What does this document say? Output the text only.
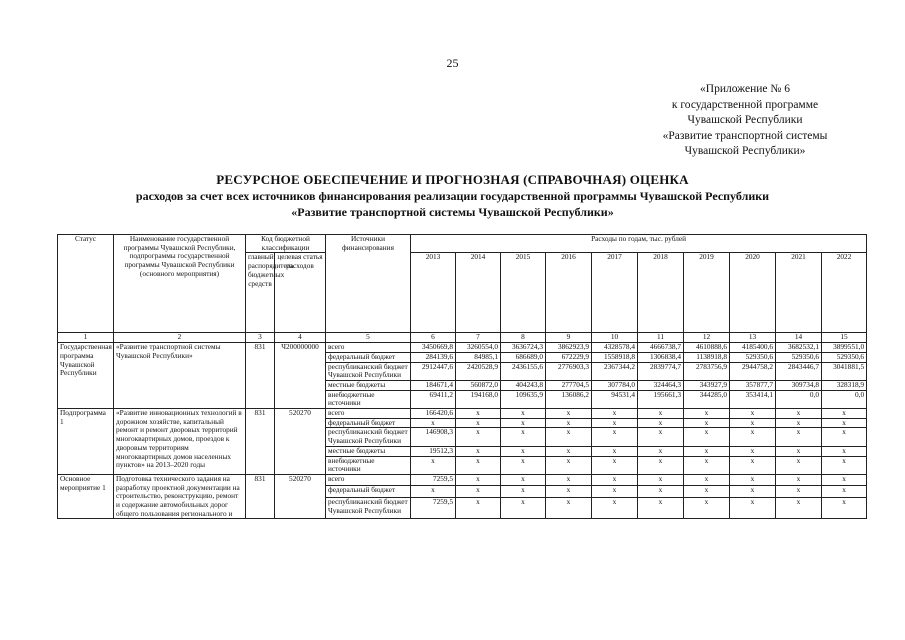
25
«Приложение № 6
к государственной программе
Чувашской Республики
«Развитие транспортной системы
Чувашской Республики»
РЕСУРСНОЕ ОБЕСПЕЧЕНИЕ И ПРОГНОЗНАЯ (СПРАВОЧНАЯ) ОЦЕНКА
расходов за счет всех источников финансирования реализации государственной программы Чувашской Республики
«Развитие транспортной системы Чувашской Республики»
Статус	Наименование государственной программы Чувашской Республики, подпрограммы государственной программы Чувашской Республики (основного мероприятия)	Код бюджетной классификации		Источники финансирования	Расходы по годам, тыс. рублей									
		главный распорядитель бюджетных средств	целевая статья расходов		2013	2014	2015	2016	2017	2018	2019	2020	2021	2022
1	2	3	4	5	6	7	8	9	10	11	12	13	14	15
Государственная программа Чувашской Республики	«Развитие транспортной системы Чувашской Республики»	831	Ч200000000	всего	3450669,8	3260554,0	3636724,3	3862923,9	4328578,4	4666738,7	4610888,6	4185400,6	3682532,1	3899551,0
				федеральный бюджет	284139,6	84985,1	686689,0	672229,9	1558918,8	1306838,4	1138918,8	529350,6	529350,6	529350,6
				республиканский бюджет Чувашской Республики	2912447,6	2420528,9	2436155,6	2776903,3	2367344,2	2839774,7	2783756,9	2944758,2	2843446,7	3041881,5
				местные бюджеты	184671,4	560872,0	404243,8	277704,5	307784,0	324464,3	343927,9	357877,7	309734,8	328318,9
				внебюджетные источники	69411,2	194168,0	109635,9	136086,2	94531,4	195661,3	344285,0	353414,1	0,0	0,0
Подпрограмма 1	«Развитие инновационных технологий в дорожном хозяйстве, капитальный ремонт и ремонт дворовых территорий многоквартирных домов, проездов к дворовым территориям многоквартирных домов населенных пунктов» на 2013–2020 годы	831	520270	всего	166420,6	x	x	x	x	x	x	x	x	x
				федеральный бюджет	x	x	x	x	x	x	x	x	x	x
				республиканский бюджет Чувашской Республики	146908,3	x	x	x	x	x	x	x	x	x
				местные бюджеты	19512,3	x	x	x	x	x	x	x	x	x
				внебюджетные источники	x	x	x	x	x	x	x	x	x	x
Основное мероприятие 1	Подготовка технического задания на разработку проектной документации на строительство, реконструкцию, ремонт и содержание автомобильных дорог общего пользования регионального и	831	520270	всего	7259,5	x	x	x	x	x	x	x	x	x
				федеральный бюджет	x	x	x	x	x	x	x	x	x	x
				республиканский бюджет Чувашской Республики	7259,5	x	x	x	x	x	x	x	x	x
